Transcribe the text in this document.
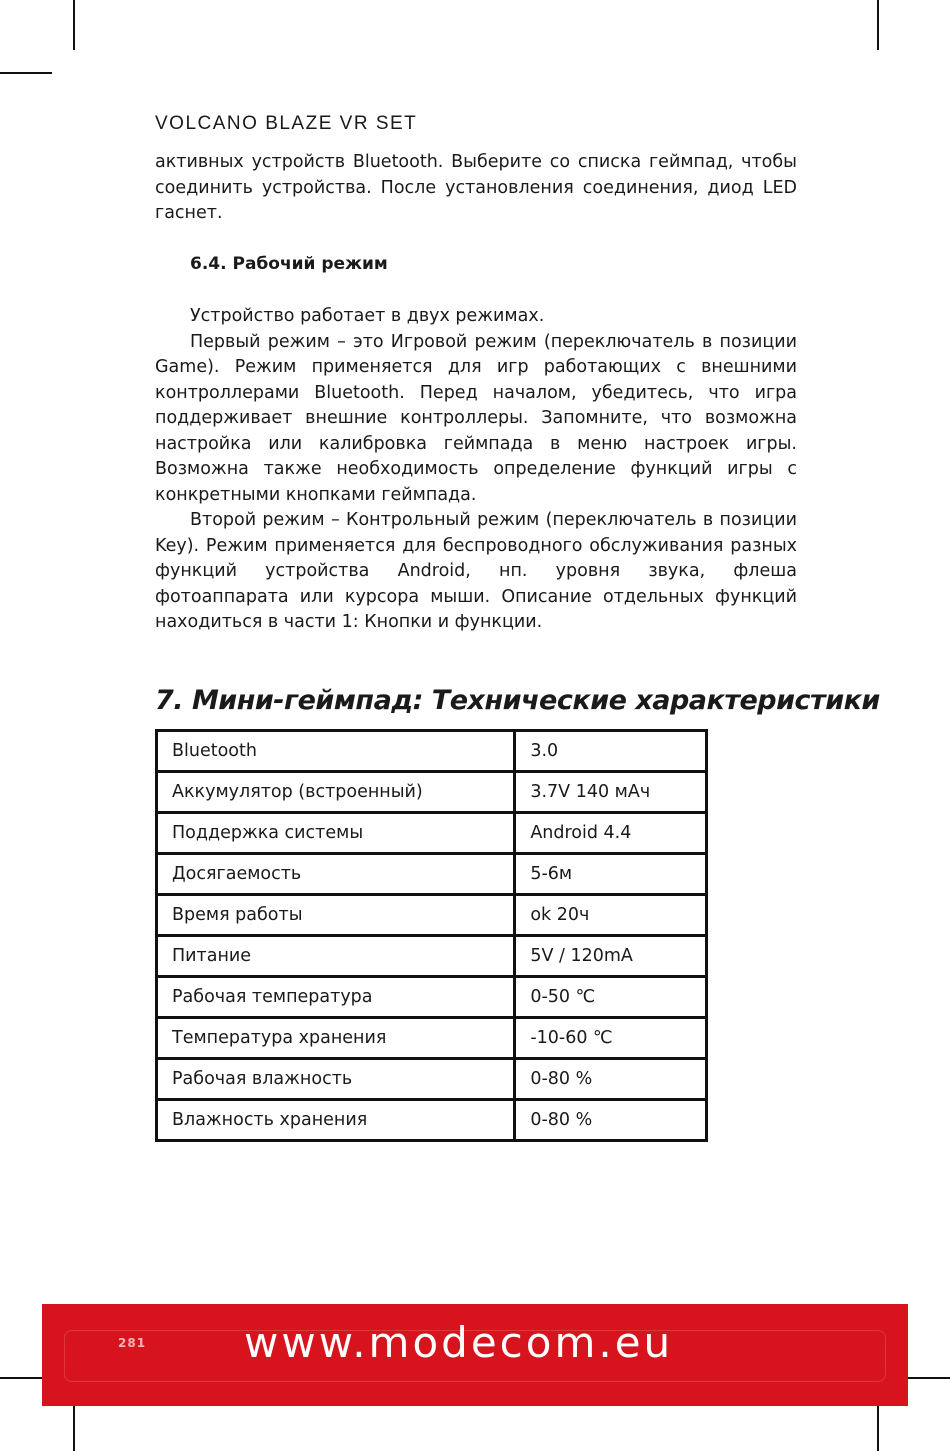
VOLCANO BLAZE VR SET

активных устройств Bluetooth. Выберите со списка геймпад, чтобы соединить устройства. После установления соединения, диод LED гаснет.

6.4. Рабочий режим

Устройство работает в двух режимах.

Первый режим – это Игровой режим (переключатель в позиции Game). Режим применяется для игр работающих с внешними контроллерами Bluetooth. Перед началом, убедитесь, что игра поддерживает внешние контроллеры. Запомните, что возможна настройка или калибровка геймпада в меню настроек игры. Возможна также необходимость определение функций игры с конкретными кнопками геймпада.

Второй режим – Контрольный режим (переключатель в позиции Key). Режим применяется для беспроводного обслуживания разных функций устройства Android, нп. уровня звука, флеша фотоаппарата или курсора мыши. Описание отдельных функций находиться в части 1: Кнопки и функции.

7. Мини-геймпад: Технические характеристики
Bluetooth	3.0
Аккумулятор (встроенный)	3.7V 140 мАч
Поддержка системы	Android 4.4
Досягаемость	5-6м
Время работы	ok 20ч
Питание	5V / 120mA
Рабочая температура	0-50 ℃
Температура хранения	-10-60 ℃
Рабочая влажность	0-80 %
Влажность хранения	0-80 %
281 www.modecom.eu
